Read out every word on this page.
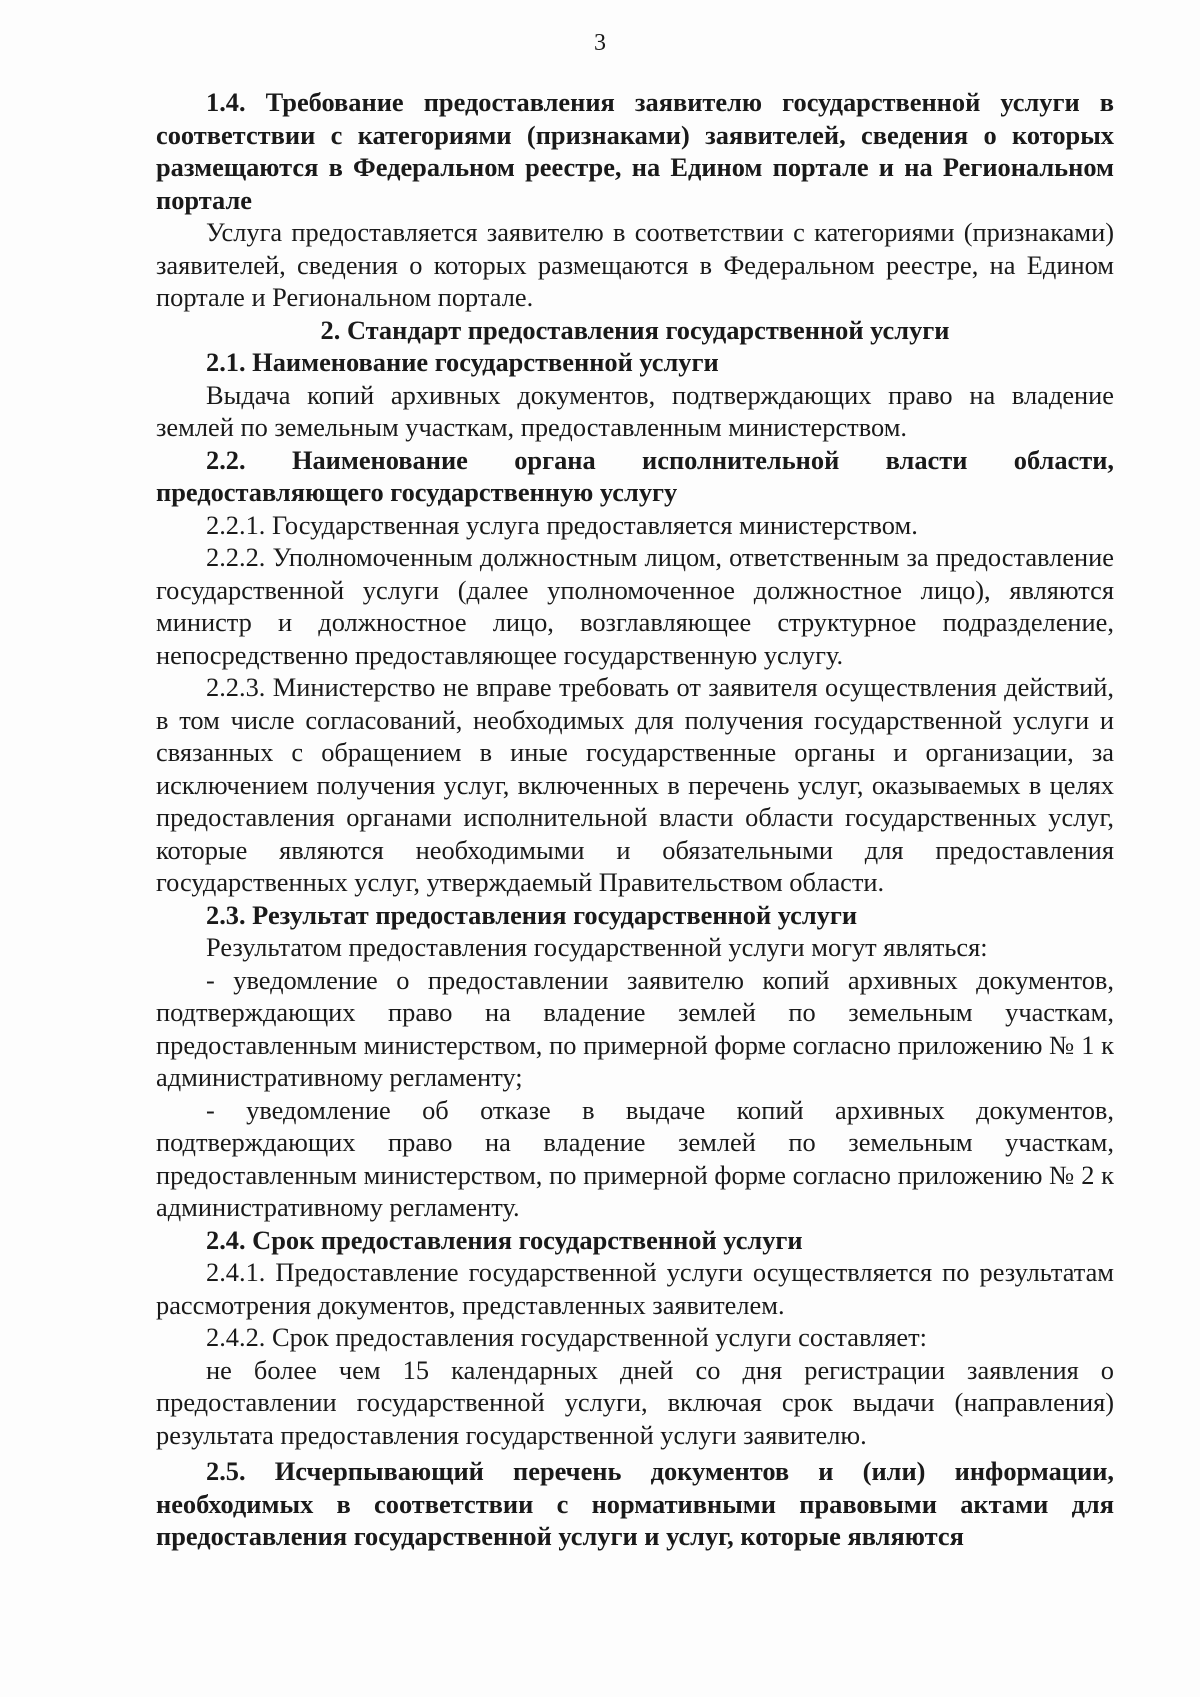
3

1.4. Требование предоставления заявителю государственной услуги в соответствии с категориями (признаками) заявителей, сведения о которых размещаются в Федеральном реестре, на Едином портале и на Региональном портале

Услуга предоставляется заявителю в соответствии с категориями (признаками) заявителей, сведения о которых размещаются в Федеральном реестре, на Едином портале и Региональном портале.

2. Стандарт предоставления государственной услуги

2.1. Наименование государственной услуги

Выдача копий архивных документов, подтверждающих право на владение землей по земельным участкам, предоставленным министерством.

2.2. Наименование органа исполнительной власти области, предоставляющего государственную услугу

2.2.1. Государственная услуга предоставляется министерством.

2.2.2. Уполномоченным должностным лицом, ответственным за предоставление государственной услуги (далее уполномоченное должностное лицо), являются министр и должностное лицо, возглавляющее структурное подразделение, непосредственно предоставляющее государственную услугу.

2.2.3. Министерство не вправе требовать от заявителя осуществления действий, в том числе согласований, необходимых для получения государственной услуги и связанных с обращением в иные государственные органы и организации, за исключением получения услуг, включенных в перечень услуг, оказываемых в целях предоставления органами исполнительной власти области государственных услуг, которые являются необходимыми и обязательными для предоставления государственных услуг, утверждаемый Правительством области.

2.3. Результат предоставления государственной услуги

Результатом предоставления государственной услуги могут являться:

- уведомление о предоставлении заявителю копий архивных документов, подтверждающих право на владение землей по земельным участкам, предоставленным министерством, по примерной форме согласно приложению № 1 к административному регламенту;

- уведомление об отказе в выдаче копий архивных документов, подтверждающих право на владение землей по земельным участкам, предоставленным министерством, по примерной форме согласно приложению № 2 к административному регламенту.

2.4. Срок предоставления государственной услуги

2.4.1. Предоставление государственной услуги осуществляется по результатам рассмотрения документов, представленных заявителем.

2.4.2. Срок предоставления государственной услуги составляет:

не более чем 15 календарных дней со дня регистрации заявления о предоставлении государственной услуги, включая срок выдачи (направления) результата предоставления государственной услуги заявителю.

2.5. Исчерпывающий перечень документов и (или) информации, необходимых в соответствии с нормативными правовыми актами для предоставления государственной услуги и услуг, которые являются
